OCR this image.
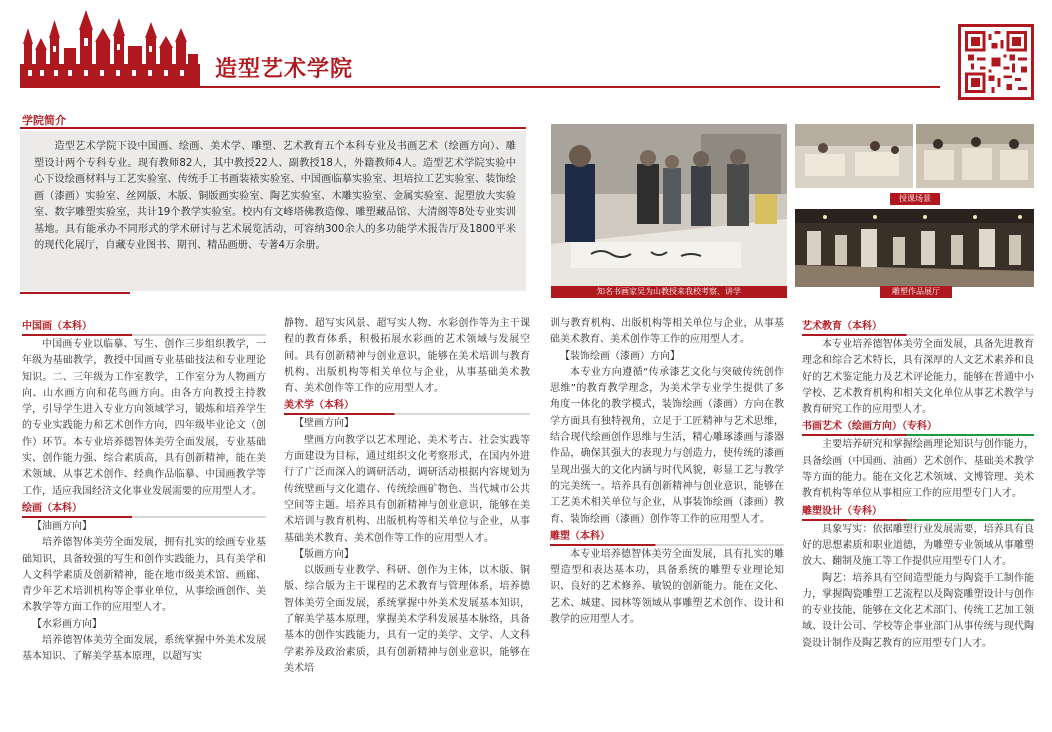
造型艺术学院
学院简介
造型艺术学院下设中国画、绘画、美术学、雕塑、艺术教育五个本科专业及书画艺术（绘画方向）、雕塑设计两个专科专业。现有教师82人，其中教授22人、副教授18人，外籍教师4人。造型艺术学院实验中心下设绘画材料与工艺实验室、传统手工书画装裱实验室、中国画临摹实验室、坦培拉工艺实验室、装饰绘画（漆画）实验室、丝网版、木版、铜版画实验室、陶艺实验室、木雕实验室、金属实验室、泥塑放大实验室、数字雕塑实验室，共计19个教学实验室。校内有文峰塔佛教造像、雕塑藏品馆、大清阁等8处专业实训基地。具有能承办不同形式的学术研讨与艺术展览活动，可容纳300余人的多功能学术报告厅及1800平米的现代化展厅，自藏专业图书、期刊、精品画册、专著4万余册。
知名书画家吴为山教授来我校考察、讲学
授课场景
雕塑作品展厅
中国画（本科）

中国画专业以临摹、写生、创作三步组织教学，一年级为基础教学，教授中国画专业基础技法和专业理论知识。二、三年级为工作室教学，工作室分为人物画方向、山水画方向和花鸟画方向。由各方向教授主持教学，引导学生进入专业方向领域学习，锻炼和培养学生的专业实践能力和艺术创作方向，四年级毕业论文（创作）环节。本专业培养德智体美劳全面发展，专业基础实、创作能力强、综合素质高，具有创新精神，能在美术领域、从事艺术创作、经典作品临摹、中国画教学等工作，适应我国经济文化事业发展需要的应用型人才。

绘画（本科）

【油画方向】

培养德智体美劳全面发展，拥有扎实的绘画专业基础知识，具备较强的写生和创作实践能力，具有美学和人文科学素质及创新精神，能在地市级美术馆、画廊、青少年艺术培训机构等企事业单位，从事绘画创作、美术教学等方面工作的应用型人才。

【水彩画方向】

培养德智体美劳全面发展，系统掌握中外美术发展基本知识、了解美学基本原理，以超写实

静物、超写实风景、超写实人物、水彩创作等为主干课程的教育体系，积极拓展水彩画的艺术领域与发展空间。具有创新精神与创业意识，能够在美术培训与教育机构、出版机构等相关单位与企业，从事基础美术教育、美术创作等工作的应用型人才。

美术学（本科）

【壁画方向】

壁画方向教学以艺术理论、美术考古、社会实践等方面建设为目标，通过组织文化考察形式，在国内外进行了广泛而深入的调研活动，调研活动根据内容规划为传统壁画与文化遗存、传统绘画矿物色、当代城市公共空间等主题。培养具有创新精神与创业意识，能够在美术培训与教育机构、出版机构等相关单位与企业，从事基础美术教育、美术创作等工作的应用型人才。

【版画方向】

以版画专业教学、科研、创作为主体，以木版、铜版、综合版为主干课程的艺术教育与管理体系，培养德智体美劳全面发展，系统掌握中外美术发展基本知识，了解美学基本原理，掌握美术学科发展基本脉络，具备基本的创作实践能力，具有一定的美学、文学、人文科学素养及政治素质，具有创新精神与创业意识，能够在美术培

训与教育机构、出版机构等相关单位与企业，从事基础美术教育、美术创作等工作的应用型人才。

【装饰绘画（漆画）方向】

本专业方向遵循“传承漆艺文化与突破传统创作思维”的教育教学理念，为美术学专业学生提供了多角度一体化的教学模式，装饰绘画（漆画）方向在教学方面具有独特视角，立足于工匠精神与艺术思维，结合现代绘画创作思维与生活，精心雕琢漆画与漆器作品，确保其强大的表现力与创造力，使传统的漆画呈现出强大的文化内涵与时代风貌，彰显工艺与教学的完美统一。培养具有创新精神与创业意识，能够在工艺美术相关单位与企业，从事装饰绘画（漆画）教育、装饰绘画（漆画）创作等工作的应用型人才。

雕塑（本科）

本专业培养德智体美劳全面发展，具有扎实的雕塑造型和表达基本功，具备系统的雕塑专业理论知识、良好的艺术修养、敏锐的创新能力。能在文化、艺术、城建、园林等领域从事雕塑艺术创作、设计和教学的应用型人才。

艺术教育（本科）

本专业培养德智体美劳全面发展，具备先进教育理念和综合艺术特长，具有深厚的人文艺术素养和良好的艺术鉴定能力及艺术评论能力，能够在普通中小学校、艺术教育机构和相关文化单位从事艺术教学与教育研究工作的应用型人才。

书画艺术（绘画方向）（专科）

主要培养研究和掌握绘画理论知识与创作能力，具备绘画（中国画、油画）艺术创作、基础美术教学等方面的能力。能在文化艺术领域、文博管理、美术教育机构等单位从事相应工作的应用型专门人才。

雕塑设计（专科）

具象写实：依据雕塑行业发展需要，培养具有良好的思想素质和职业道德，为雕塑专业领域从事雕塑放大、翻制及施工等工作提供应用型专门人才。

陶艺：培养具有空间造型能力与陶瓷手工制作能力，掌握陶瓷雕塑工艺流程以及陶瓷雕塑设计与创作的专业技能，能够在文化艺术部门、传统工艺加工领域、设计公司、学校等企事业部门从事传统与现代陶瓷设计制作及陶艺教育的应用型专门人才。
